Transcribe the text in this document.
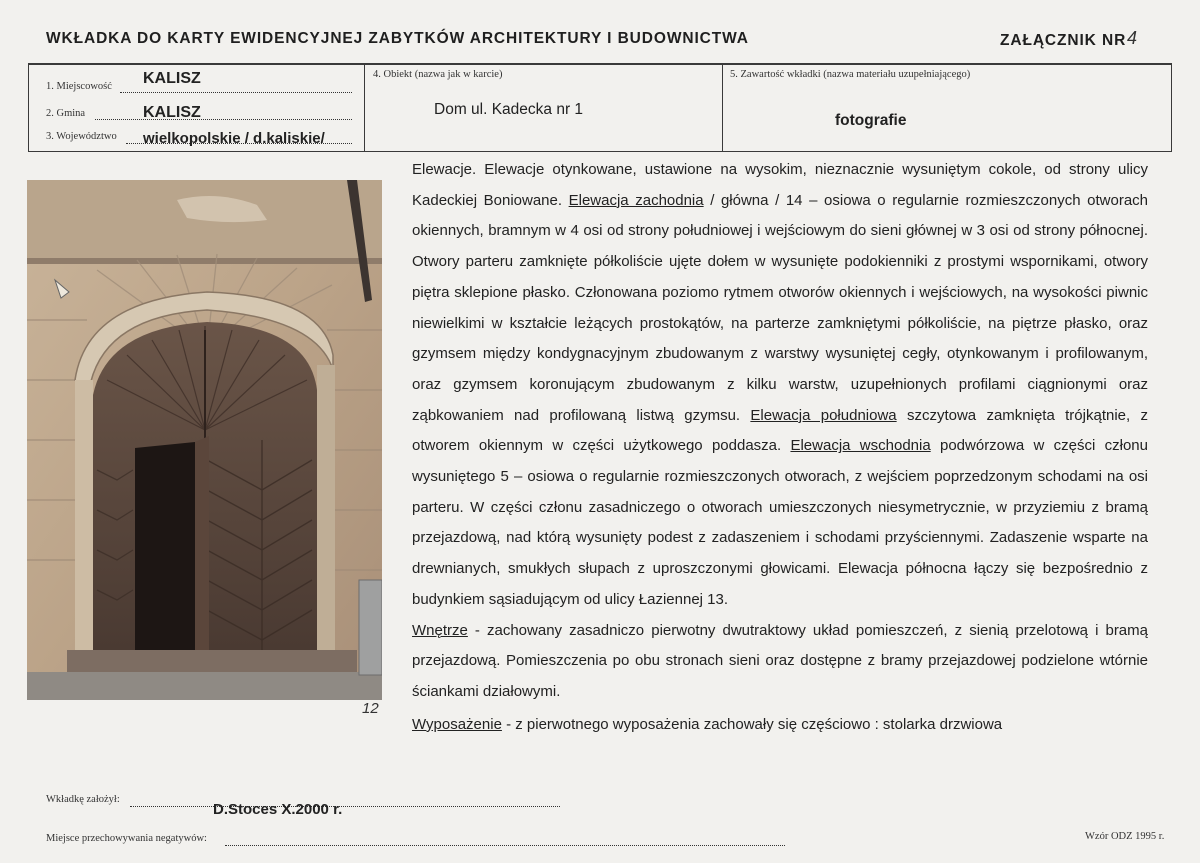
WKŁADKA DO KARTY EWIDENCYJNEJ ZABYTKÓW ARCHITEKTURY I BUDOWNICTWA	ZAŁĄCZNIK NR 4
1. Miejscowość KALISZ
2. Gmina	KALISZ
3. Województwo wielkopolskie / d.kaliskie/
4. Obiekt (nazwa jak w karcie)
Dom ul. Kadecka nr 1
5. Zawartość wkładki (nazwa materiału uzupełniającego)
fotografie
12

Elewacje. Elewacje otynkowane, ustawione na wysokim, nieznacznie wysuniętym cokole, od strony ulicy Kadeckiej Boniowane. Elewacja zachodnia / główna / 14 – osiowa o regularnie rozmieszczonych otworach okiennych, bramnym w 4 osi od strony południowej i wejściowym do sieni głównej w 3 osi od strony północnej. Otwory parteru zamknięte półkoliście ujęte dołem w wysunięte podokienniki z prostymi wspornikami, otwory piętra sklepione płasko. Członowana poziomo rytmem otworów okiennych i wejściowych, na wysokości piwnic niewielkimi w kształcie leżących prostokątów, na parterze zamkniętymi półkoliście, na piętrze płasko, oraz gzymsem między kondygnacyjnym zbudowanym z warstwy wysuniętej cegły, otynkowanym i profilowanym, oraz gzymsem koronującym zbudowanym z kilku warstw, uzupełnionych profilami ciągnionymi oraz ząbkowaniem nad profilowaną listwą gzymsu. Elewacja południowa szczytowa zamknięta trójkątnie, z otworem okiennym w części użytkowego poddasza. Elewacja wschodnia podwórzowa w części członu wysuniętego 5 – osiowa o regularnie rozmieszczonych otworach, z wejściem poprzedzonym schodami na osi parteru. W części członu zasadniczego o otworach umieszczonych niesymetrycznie, w przyziemiu z bramą przejazdową, nad którą wysunięty podest z zadaszeniem i schodami przyściennymi. Zadaszenie wsparte na drewnianych, smukłych słupach z uproszczonymi głowicami. Elewacja północna łączy się bezpośrednio z budynkiem sąsiadującym od ulicy Łaziennej 13.

Wnętrze - zachowany zasadniczo pierwotny dwutraktowy układ pomieszczeń, z sienią przelotową i bramą przejazdową. Pomieszczenia po obu stronach sieni oraz dostępne z bramy przejazdowej podzielone wtórnie ściankami działowymi.

Wyposażenie - z pierwotnego wyposażenia zachowały się częściowo : stolarka drzwiowa

Wkładkę założył:
D.Stoces X.2000 r.
Miejsce przechowywania negatywów:	Wzór ODZ 1995 r.
